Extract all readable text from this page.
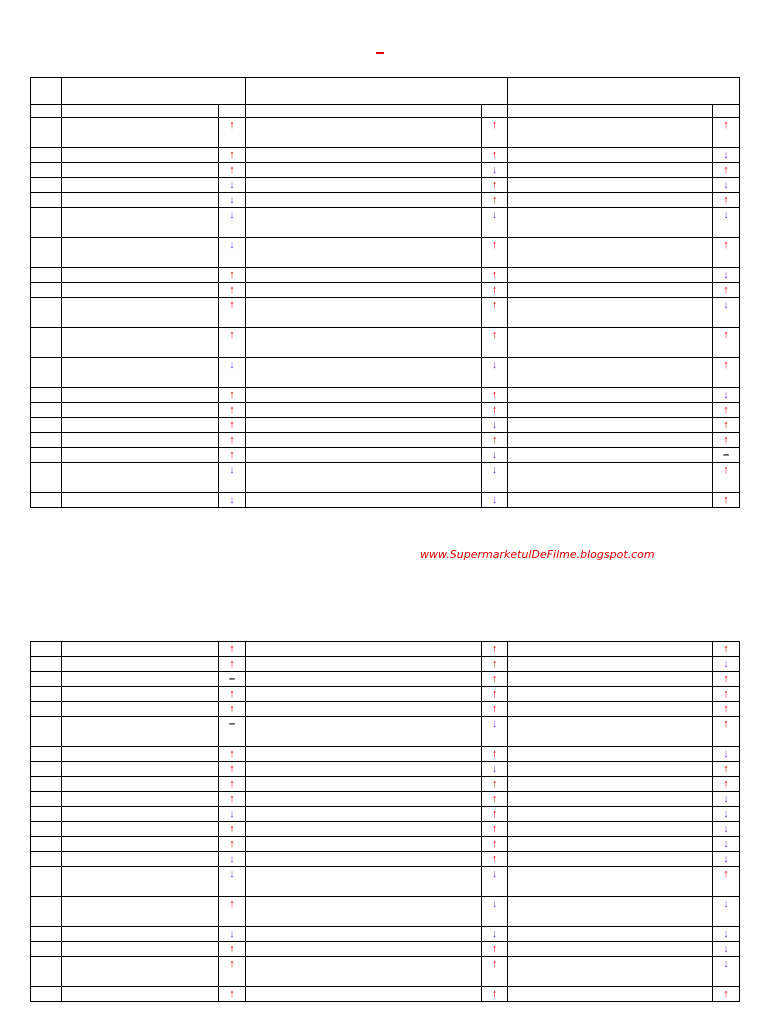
		↑		↑		↑
		↑		↑		↓
		↑		↓		↑
		↓		↑		↓
		↓		↑		↑
		↓		↓		↓
		↓		↑		↑
		↑		↑		↓
		↑		↑		↑
		↑		↑		↓
		↑		↑		↑
		↓		↓		↑
		↑		↑		↓
		↑		↑		↑
		↑		↓		↑
		↑		↑		↑
		↑		↓		–
		↓		↓		↑
		↓		↓		↑
www.SupermarketulDeFilme.blogspot.com
		↑		↑		↑
		↑		↑		↓
		–		↑		↑
		↑		↑		↑
		↑		↑		↑
		–		↓		↑
		↑		↑		↓
		↑		↓		↑
		↑		↑		↑
		↑		↑		↓
		↓		↑		↓
		↑		↑		↓
		↑		↑		↓
		↓		↑		↓
		↓		↓		↑
		↑		↓		↓
		↓		↓		↓
		↑		↑		↓
		↑		↑		↓
		↑		↑		↑
